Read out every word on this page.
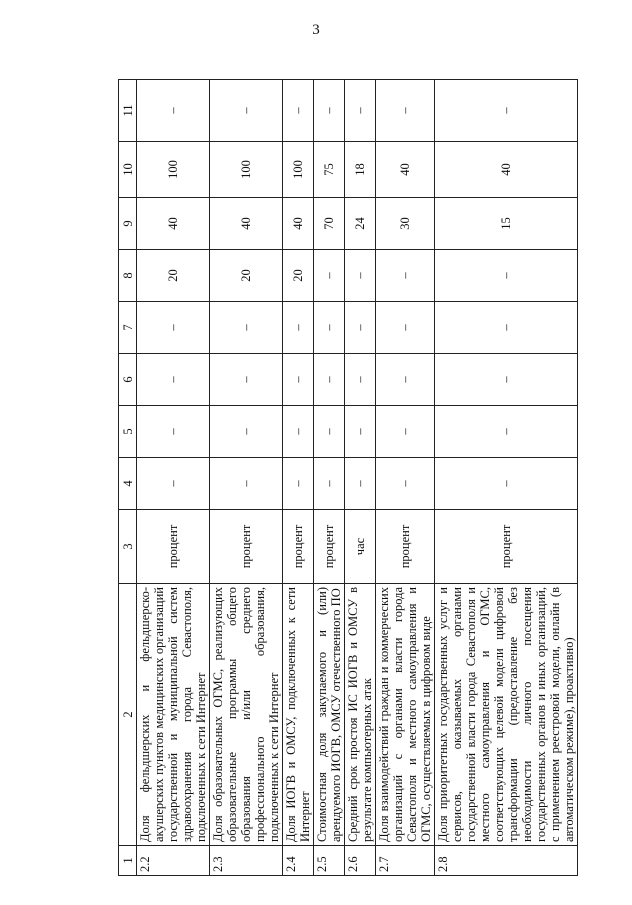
3
1	2	3	4	5	6	7	8	9	10	11
2.2	Доля фельдшерских и фельдшерско-акушерских пунктов медицинских организаций государственной и муниципальной систем здравоохранения города Севастополя, подключенных к сети Интернет	процент	–	–	–	–	20	40	100	–
2.3	Доля образовательных ОГМС, реализующих образовательные программы общего образования и/или среднего профессионального образования, подключенных к сети Интернет	процент	–	–	–	–	20	40	100	–
2.4	Доля ИОГВ и ОМСУ, подключенных к сети Интернет	процент	–	–	–	–	20	40	100	–
2.5	Стоимостная доля закупаемого и (или) арендуемого ИОГВ, ОМСУ отечественного ПО	процент	–	–	–	–	–	70	75	–
2.6	Средний срок простоя ИС ИОГВ и ОМСУ в результате компьютерных атак	час	–	–	–	–	–	24	18	–
2.7	Доля взаимодействий граждан и коммерческих организаций с органами власти города Севастополя и местного самоуправления и ОГМС, осуществляемых в цифровом виде	процент	–	–	–	–	–	30	40	–
2.8	Доля приоритетных государственных услуг и сервисов, оказываемых органами государственной власти города Севастополя и местного самоуправления и ОГМС, соответствующих целевой модели цифровой трансформации (предоставление без необходимости личного посещения государственных органов и иных организаций, с применением реестровой модели, онлайн (в автоматическом режиме), проактивно)	процент	–	–	–	–	–	15	40	–
